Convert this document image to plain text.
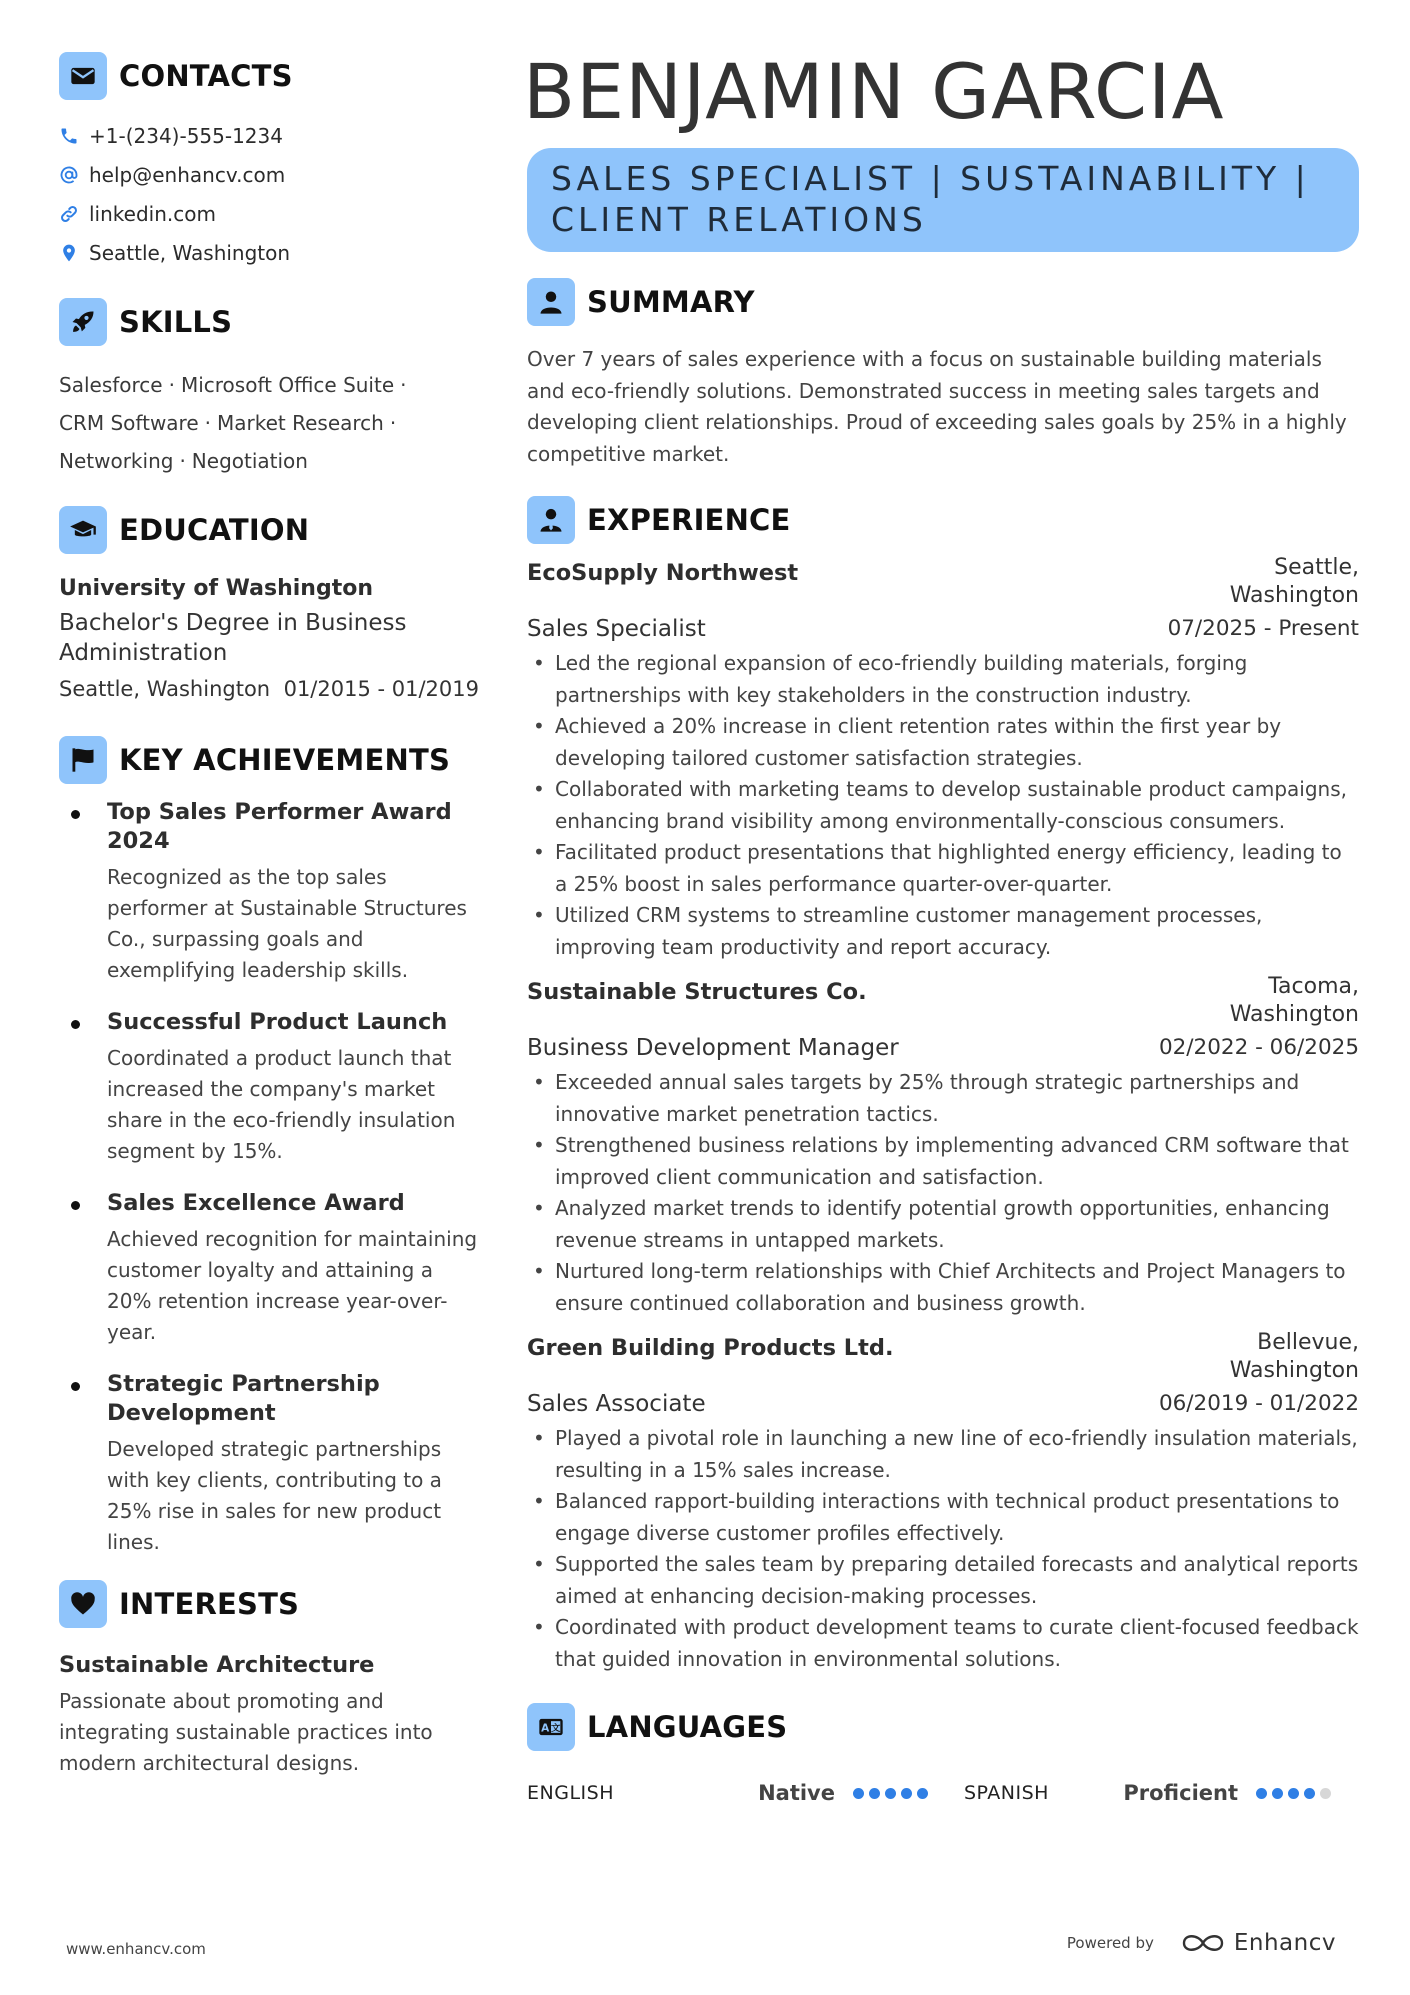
CONTACTS
+1-(234)-555-1234
help@enhancv.com
linkedin.com
Seattle, Washington
SKILLS
Salesforce · Microsoft Office Suite ·
CRM Software · Market Research ·
Networking · Negotiation
EDUCATION
University of Washington
Bachelor's Degree in Business Administration
Seattle, Washington 01/2015 - 01/2019
KEY ACHIEVEMENTS
Top Sales Performer Award 2024
Recognized as the top sales performer at Sustainable Structures Co., surpassing goals and exemplifying leadership skills.
Successful Product Launch
Coordinated a product launch that increased the company's market share in the eco-friendly insulation segment by 15%.
Sales Excellence Award
Achieved recognition for maintaining customer loyalty and attaining a 20% retention increase year-over-year.
Strategic Partnership Development
Developed strategic partnerships with key clients, contributing to a 25% rise in sales for new product lines.
INTERESTS
Sustainable Architecture
Passionate about promoting and integrating sustainable practices into modern architectural designs.
BENJAMIN GARCIA
SALES SPECIALIST | SUSTAINABILITY | CLIENT RELATIONS
SUMMARY
Over 7 years of sales experience with a focus on sustainable building materials and eco-friendly solutions. Demonstrated success in meeting sales targets and developing client relationships. Proud of exceeding sales goals by 25% in a highly competitive market.
EXPERIENCE
EcoSupply Northwest	Seattle, Washington
Sales Specialist	07/2025 - Present
• Led the regional expansion of eco-friendly building materials, forging partnerships with key stakeholders in the construction industry.
• Achieved a 20% increase in client retention rates within the first year by developing tailored customer satisfaction strategies.
• Collaborated with marketing teams to develop sustainable product campaigns, enhancing brand visibility among environmentally-conscious consumers.
• Facilitated product presentations that highlighted energy efficiency, leading to a 25% boost in sales performance quarter-over-quarter.
• Utilized CRM systems to streamline customer management processes, improving team productivity and report accuracy.
Sustainable Structures Co.	Tacoma, Washington
Business Development Manager	02/2022 - 06/2025
• Exceeded annual sales targets by 25% through strategic partnerships and innovative market penetration tactics.
• Strengthened business relations by implementing advanced CRM software that improved client communication and satisfaction.
• Analyzed market trends to identify potential growth opportunities, enhancing revenue streams in untapped markets.
• Nurtured long-term relationships with Chief Architects and Project Managers to ensure continued collaboration and business growth.
Green Building Products Ltd.	Bellevue, Washington
Sales Associate	06/2019 - 01/2022
• Played a pivotal role in launching a new line of eco-friendly insulation materials, resulting in a 15% sales increase.
• Balanced rapport-building interactions with technical product presentations to engage diverse customer profiles effectively.
• Supported the sales team by preparing detailed forecasts and analytical reports aimed at enhancing decision-making processes.
• Coordinated with product development teams to curate client-focused feedback that guided innovation in environmental solutions.
A 文 LANGUAGES
ENGLISH	Native	SPANISH	Proficient
www.enhancv.com	Powered by	Enhancv
